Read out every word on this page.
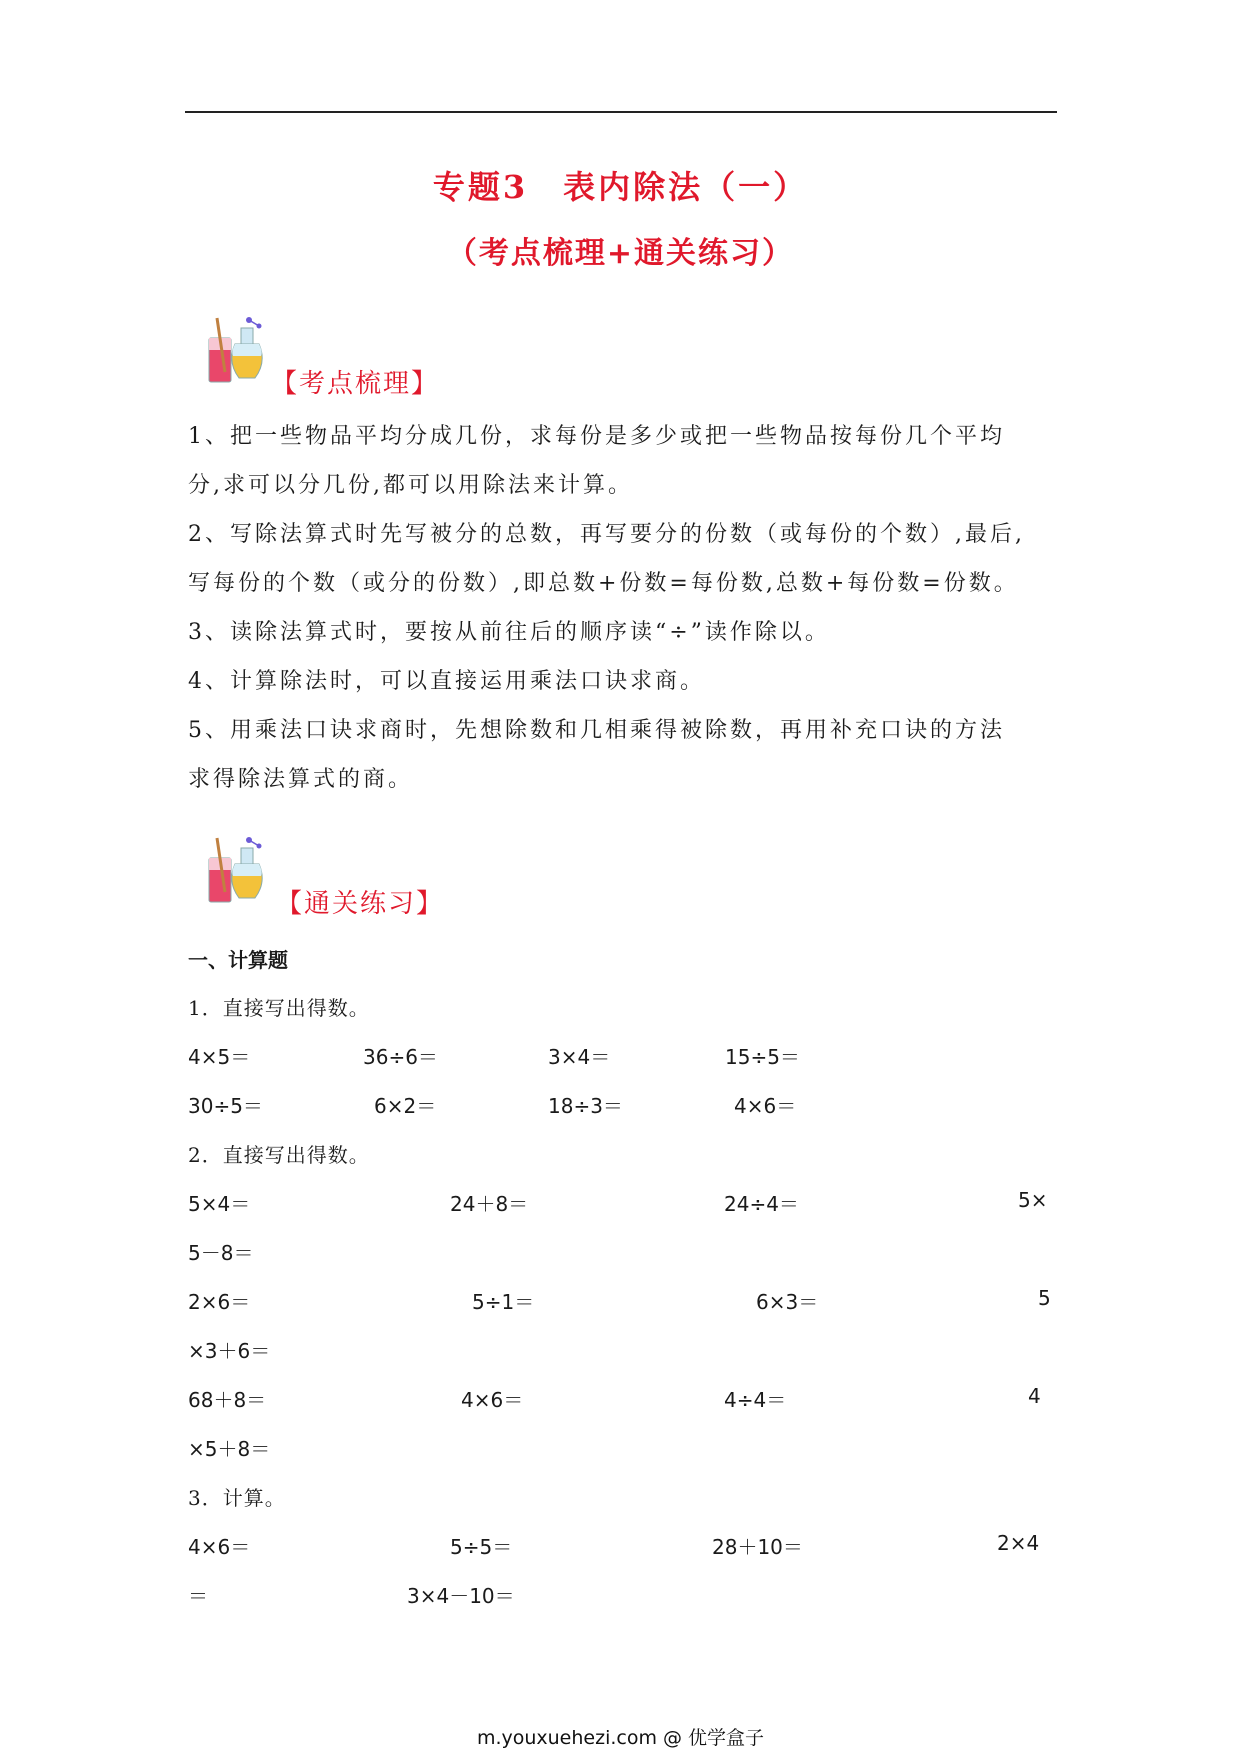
专题3　表内除法（一）
（考点梳理+通关练习）
【考点梳理】
1、把一些物品平均分成几份，求每份是多少或把一些物品按每份几个平均
分,求可以分几份,都可以用除法来计算。
2、写除法算式时先写被分的总数，再写要分的份数（或每份的个数）,最后,
写每份的个数（或分的份数）,即总数+份数=每份数,总数+每份数=份数。
3、读除法算式时，要按从前往后的顺序读“÷”读作除以。
4、计算除法时，可以直接运用乘法口诀求商。
5、用乘法口诀求商时，先想除数和几相乘得被除数，再用补充口诀的方法
求得除法算式的商。
【通关练习】
一、计算题
1．直接写出得数。
4×5＝	36÷6＝	3×4＝	15÷5＝
30÷5＝	6×2＝	18÷3＝	4×6＝
2．直接写出得数。
5×4＝	24＋8＝	24÷4＝	5×
5－8＝
2×6＝	5÷1＝	6×3＝	5
×3＋6＝
68＋8＝	4×6＝	4÷4＝	4
×5＋8＝
3．计算。
4×6＝	5÷5＝	28＋10＝	2×4
＝	3×4－10＝
m.youxuehezi.com @ 优学盒子
